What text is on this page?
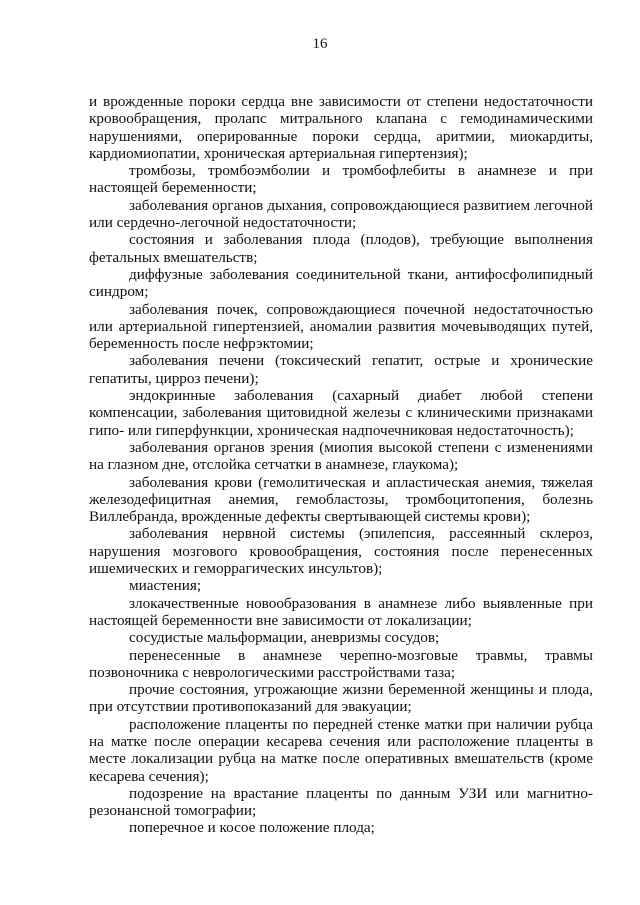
16

и врожденные пороки сердца вне зависимости от степени недостаточности кровообращения, пролапс митрального клапана с гемодинамическими нарушениями, оперированные пороки сердца, аритмии, миокардиты, кардиомиопатии, хроническая артериальная гипертензия);

тромбозы, тромбоэмболии и тромбофлебиты в анамнезе и при настоящей беременности;

заболевания органов дыхания, сопровождающиеся развитием легочной или сердечно-легочной недостаточности;

состояния и заболевания плода (плодов), требующие выполнения фетальных вмешательств;

диффузные заболевания соединительной ткани, антифосфолипидный синдром;

заболевания почек, сопровождающиеся почечной недостаточностью или артериальной гипертензией, аномалии развития мочевыводящих путей, беременность после нефрэктомии;

заболевания печени (токсический гепатит, острые и хронические гепатиты, цирроз печени);

эндокринные заболевания (сахарный диабет любой степени компенсации, заболевания щитовидной железы с клиническими признаками гипо- или гиперфункции, хроническая надпочечниковая недостаточность);

заболевания органов зрения (миопия высокой степени с изменениями на глазном дне, отслойка сетчатки в анамнезе, глаукома);

заболевания крови (гемолитическая и апластическая анемия, тяжелая железодефицитная анемия, гемобластозы, тромбоцитопения, болезнь Виллебранда, врожденные дефекты свертывающей системы крови);

заболевания нервной системы (эпилепсия, рассеянный склероз, нарушения мозгового кровообращения, состояния после перенесенных ишемических и геморрагических инсультов);

миастения;

злокачественные новообразования в анамнезе либо выявленные при настоящей беременности вне зависимости от локализации;

сосудистые мальформации, аневризмы сосудов;

перенесенные в анамнезе черепно-мозговые травмы, травмы позвоночника с неврологическими расстройствами таза;

прочие состояния, угрожающие жизни беременной женщины и плода, при отсутствии противопоказаний для эвакуации;

расположение плаценты по передней стенке матки при наличии рубца на матке после операции кесарева сечения или расположение плаценты в месте локализации рубца на матке после оперативных вмешательств (кроме кесарева сечения);

подозрение на врастание плаценты по данным УЗИ или магнитно-резонансной томографии;

поперечное и косое положение плода;
